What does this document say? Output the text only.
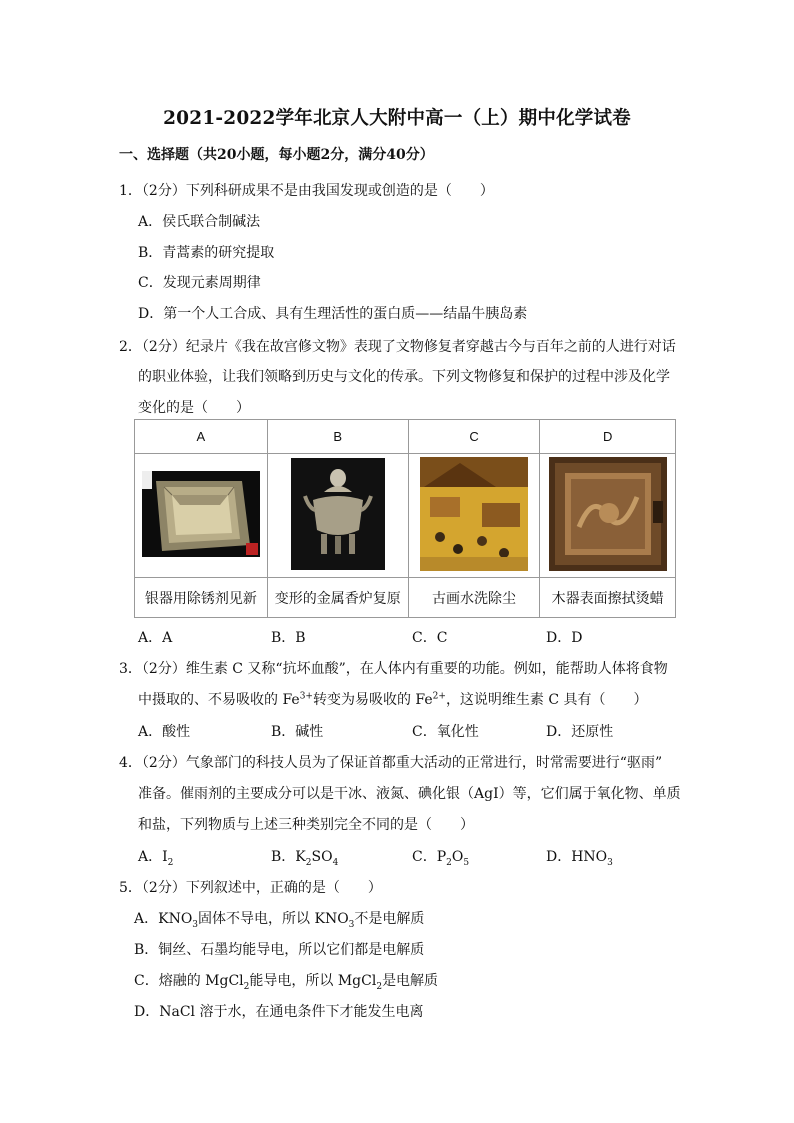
2021-2022学年北京人大附中高一（上）期中化学试卷
一、选择题（共20小题，每小题2分，满分40分）
1．（2分）下列科研成果不是由我国发现或创造的是（　　）
A．侯氏联合制碱法
B．青蒿素的研究提取
C．发现元素周期律
D．第一个人工合成、具有生理活性的蛋白质——结晶牛胰岛素
2．（2分）纪录片《我在故宫修文物》表现了文物修复者穿越古今与百年之前的人进行对话
的职业体验，让我们领略到历史与文化的传承。下列文物修复和保护的过程中涉及化学
变化的是（　　）
A	B	C	D

银器用除锈剂见新	变形的金属香炉复原	古画水洗除尘	木器表面擦拭烫蜡
A．A	B．B	C．C	D．D
3．（2分）维生素 C 又称“抗坏血酸”，在人体内有重要的功能。例如，能帮助人体将食物
中摄取的、不易吸收的 $Fe^{3+}$转变为易吸收的 $Fe^{2+}$，这说明维生素 C 具有（　　）
A．酸性	B．碱性	C．氧化性	D．还原性
4．（2分）气象部门的科技人员为了保证首都重大活动的正常进行，时常需要进行“驱雨”
准备。催雨剂的主要成分可以是干冰、液氮、碘化银（AgI）等，它们属于氧化物、单质
和盐，下列物质与上述三种类别完全不同的是（　　）
A．$I_2$	B．$K_2SO_4$	C．$P_2O_5$	D．$HNO_3$
5．（2分）下列叙述中，正确的是（　　）
A．$KNO_3$固体不导电，所以 $KNO_3$不是电解质
B．铜丝、石墨均能导电，所以它们都是电解质
C．熔融的 MgCl$_2$能导电，所以 MgCl$_2$是电解质
D．NaCl 溶于水，在通电条件下才能发生电离
